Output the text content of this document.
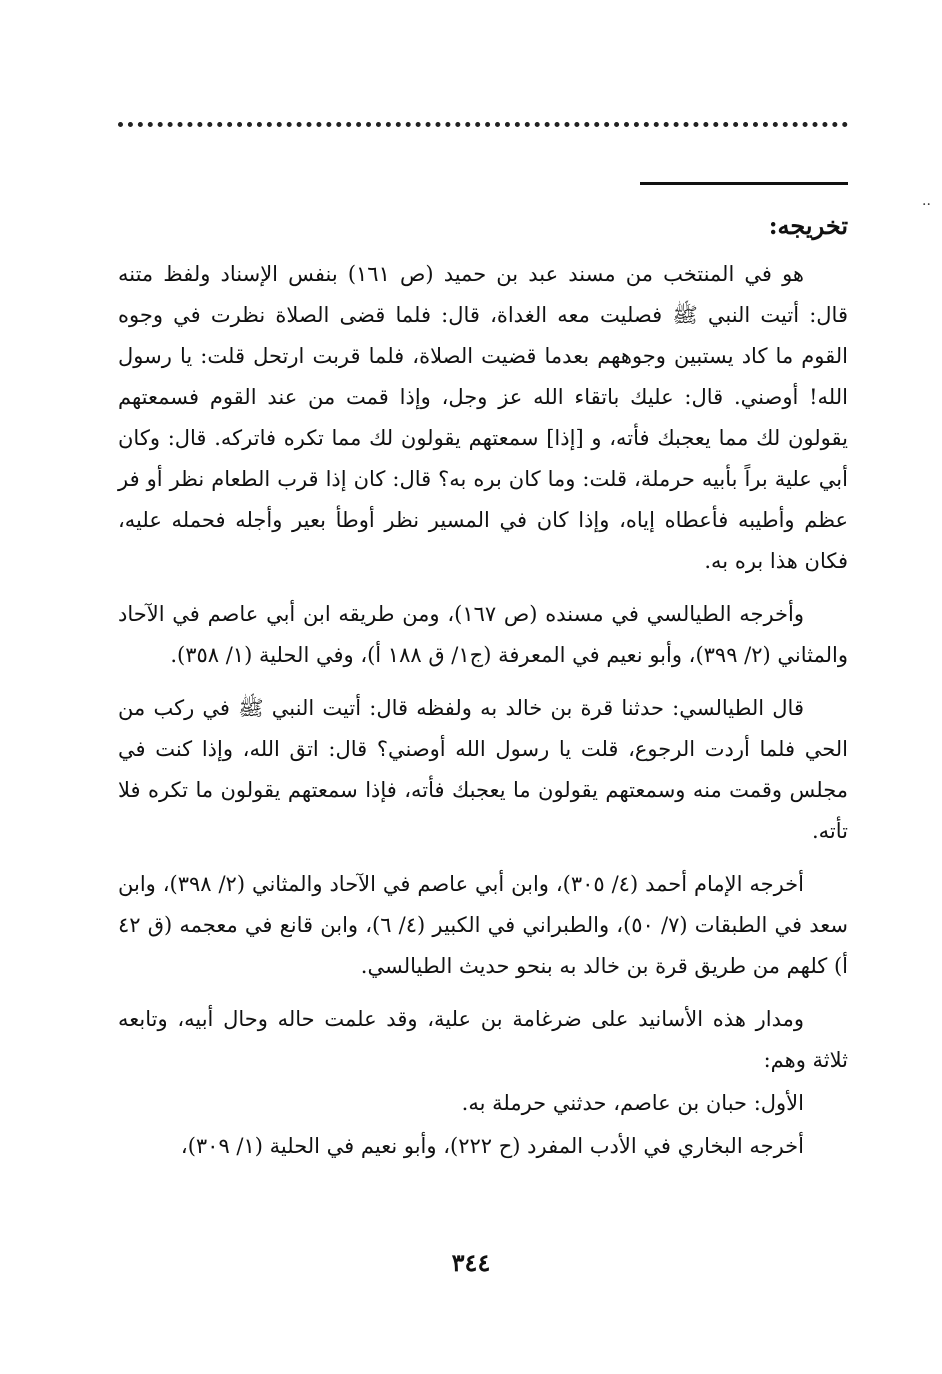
··
تخريجه:

هو في المنتخب من مسند عبد بن حميد (ص ١٦١) بنفس الإسناد ولفظ متنه قال: أتيت النبي ﷺ فصليت معه الغداة، قال: فلما قضى الصلاة نظرت في وجوه القوم ما كاد يستبين وجوههم بعدما قضيت الصلاة، فلما قربت ارتحل قلت: يا رسول الله! أوصني. قال: عليك باتقاء الله عز وجل، وإذا قمت من عند القوم فسمعتهم يقولون لك مما يعجبك فأته، و [إذا] سمعتهم يقولون لك مما تكره فاتركه. قال: وكان أبي علية براً بأبيه حرملة، قلت: وما كان بره به؟ قال: كان إذا قرب الطعام نظر أو فر عظم وأطيبه فأعطاه إياه، وإذا كان في المسير نظر أوطأ بعير وأجله فحمله عليه، فكان هذا بره به.

وأخرجه الطيالسي في مسنده (ص ١٦٧)، ومن طريقه ابن أبي عاصم في الآحاد والمثاني (٢/ ٣٩٩)، وأبو نعيم في المعرفة (ج١/ ق ١٨٨ أ)، وفي الحلية (١/ ٣٥٨).

قال الطيالسي: حدثنا قرة بن خالد به ولفظه قال: أتيت النبي ﷺ في ركب من الحي فلما أردت الرجوع، قلت يا رسول الله أوصني؟ قال: اتق الله، وإذا كنت في مجلس وقمت منه وسمعتهم يقولون ما يعجبك فأته، فإذا سمعتهم يقولون ما تكره فلا تأته.

أخرجه الإمام أحمد (٤/ ٣٠٥)، وابن أبي عاصم في الآحاد والمثاني (٢/ ٣٩٨)، وابن سعد في الطبقات (٧/ ٥٠)، والطبراني في الكبير (٤/ ٦)، وابن قانع في معجمه (ق ٤٢ أ) كلهم من طريق قرة بن خالد به بنحو حديث الطيالسي.

ومدار هذه الأسانيد على ضرغامة بن علية، وقد علمت حاله وحال أبيه، وتابعه ثلاثة وهم:

الأول: حبان بن عاصم، حدثني حرملة به.

أخرجه البخاري في الأدب المفرد (ح ٢٢٢)، وأبو نعيم في الحلية (١/ ٣٠٩)،

٣٤٤
